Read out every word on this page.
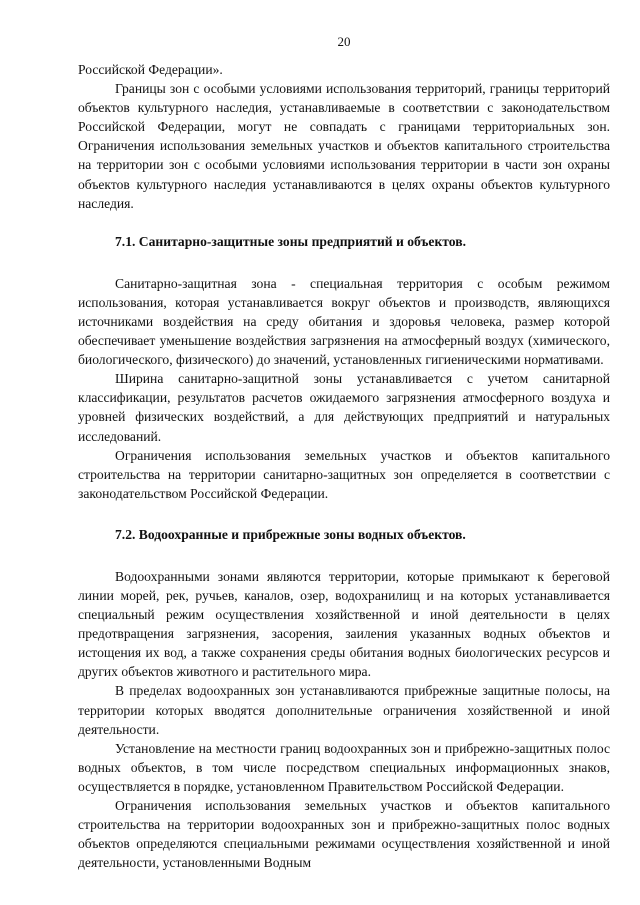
20

Российской Федерации».

Границы зон с особыми условиями использования территорий, границы территорий объектов культурного наследия, устанавливаемые в соответствии с законодательством Российской Федерации, могут не совпадать с границами территориальных зон. Ограничения использования земельных участков и объектов капитального строительства на территории зон с особыми условиями использования территории в части зон охраны объектов культурного наследия устанавливаются в целях охраны объектов культурного наследия.

7.1. Санитарно-защитные зоны предприятий и объектов.

Санитарно-защитная зона - специальная территория с особым режимом использования, которая устанавливается вокруг объектов и производств, являющихся источниками воздействия на среду обитания и здоровья человека, размер которой обеспечивает уменьшение воздействия загрязнения на атмосферный воздух (химического, биологического, физического) до значений, установленных гигиеническими нормативами.

Ширина санитарно-защитной зоны устанавливается с учетом санитарной классификации, результатов расчетов ожидаемого загрязнения атмосферного воздуха и уровней физических воздействий, а для действующих предприятий и натуральных исследований.

Ограничения использования земельных участков и объектов капитального строительства на территории санитарно-защитных зон определяется в соответствии с законодательством Российской Федерации.

7.2. Водоохранные и прибрежные зоны водных объектов.

Водоохранными зонами являются территории, которые примыкают к береговой линии морей, рек, ручьев, каналов, озер, водохранилищ и на которых устанавливается специальный режим осуществления хозяйственной и иной деятельности в целях предотвращения загрязнения, засорения, заиления указанных водных объектов и истощения их вод, а также сохранения среды обитания водных биологических ресурсов и других объектов животного и растительного мира.

В пределах водоохранных зон устанавливаются прибрежные защитные полосы, на территории которых вводятся дополнительные ограничения хозяйственной и иной деятельности.

Установление на местности границ водоохранных зон и прибрежно-защитных полос водных объектов, в том числе посредством специальных информационных знаков, осуществляется в порядке, установленном Правительством Российской Федерации.

Ограничения использования земельных участков и объектов капитального строительства на территории водоохранных зон и прибрежно-защитных полос водных объектов определяются специальными режимами осуществления хозяйственной и иной деятельности, установленными Водным
